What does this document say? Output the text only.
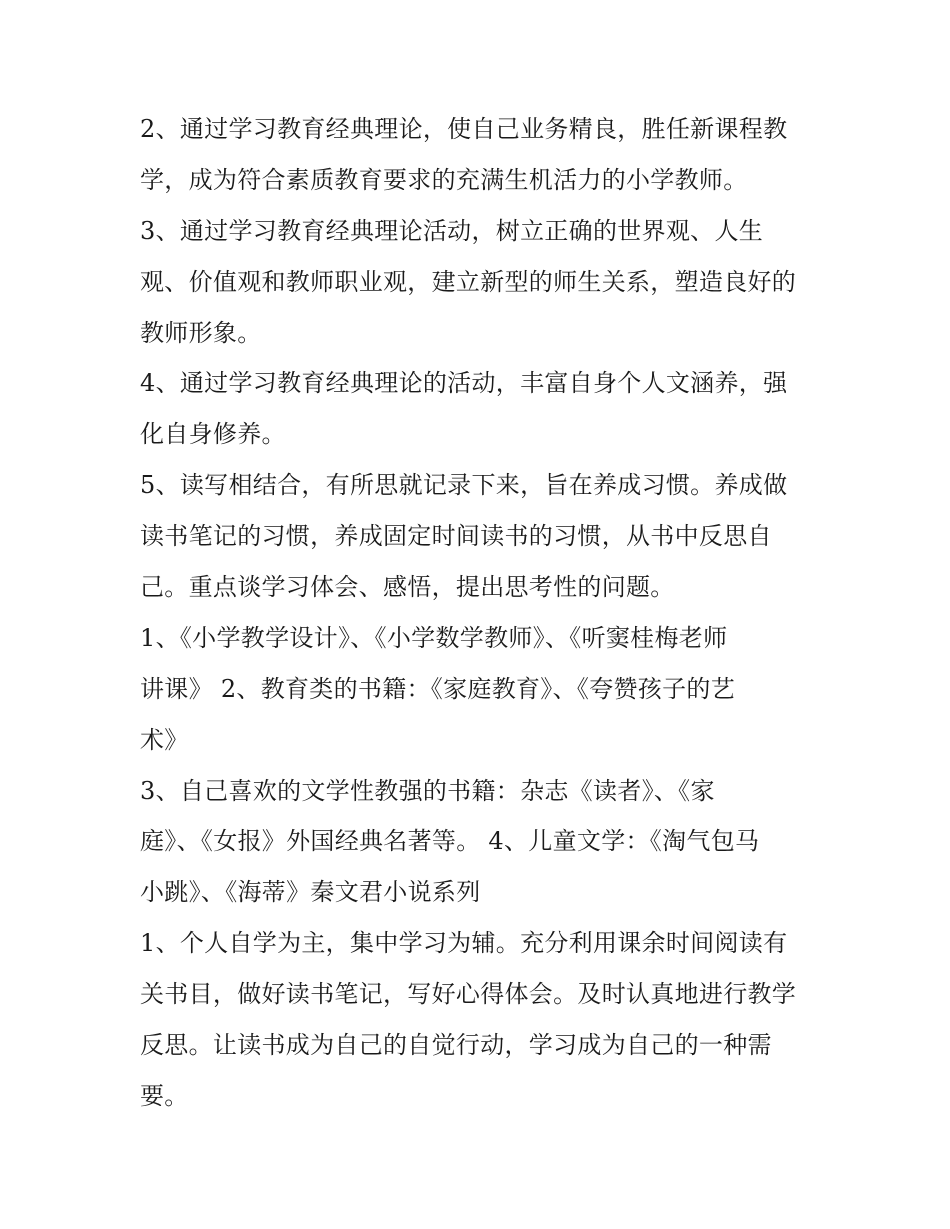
2、通过学习教育经典理论，使自己业务精良，胜任新课程教
学，成为符合素质教育要求的充满生机活力的小学教师。
3、通过学习教育经典理论活动，树立正确的世界观、人生
观、价值观和教师职业观，建立新型的师生关系，塑造良好的
教师形象。
4、通过学习教育经典理论的活动，丰富自身个人文涵养，强
化自身修养。
5、读写相结合，有所思就记录下来，旨在养成习惯。养成做
读书笔记的习惯，养成固定时间读书的习惯，从书中反思自
己。重点谈学习体会、感悟，提出思考性的问题。
1、《小学教学设计》、《小学数学教师》、《听窦桂梅老师
讲课》 2、教育类的书籍：《家庭教育》、《夸赞孩子的艺
术》
3、自己喜欢的文学性教强的书籍：杂志《读者》、《家
庭》、《女报》外国经典名著等。 4、儿童文学：《淘气包马
小跳》、《海蒂》秦文君小说系列
1、个人自学为主，集中学习为辅。充分利用课余时间阅读有
关书目，做好读书笔记，写好心得体会。及时认真地进行教学
反思。让读书成为自己的自觉行动，学习成为自己的一种需
要。
